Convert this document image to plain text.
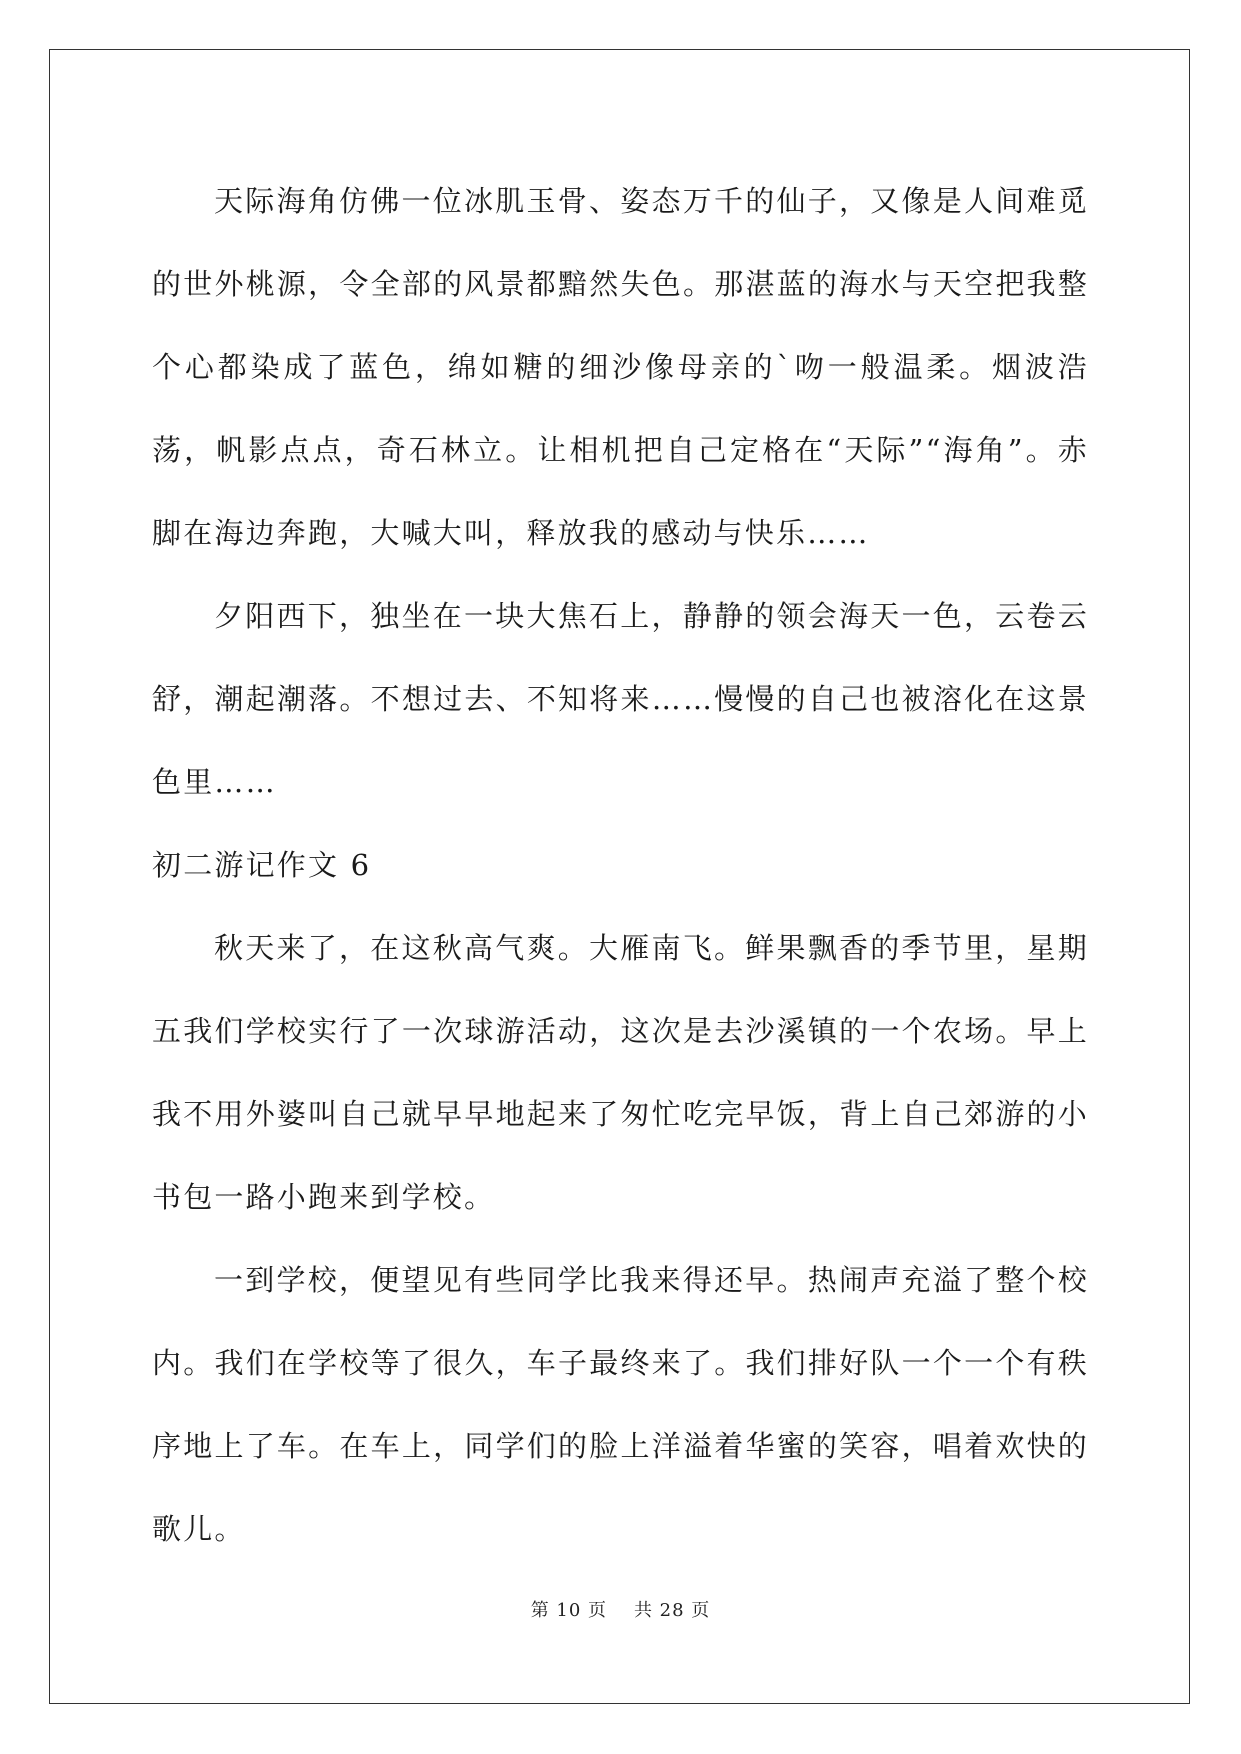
天际海角仿佛一位冰肌玉骨、姿态万千的仙子，又像是人间难觅的世外桃源，令全部的风景都黯然失色。那湛蓝的海水与天空把我整个心都染成了蓝色，绵如糖的细沙像母亲的`吻一般温柔。烟波浩荡，帆影点点，奇石林立。让相机把自己定格在“天际”“海角”。赤脚在海边奔跑，大喊大叫，释放我的感动与快乐……

夕阳西下，独坐在一块大焦石上，静静的领会海天一色，云卷云舒，潮起潮落。不想过去、不知将来……慢慢的自己也被溶化在这景色里……

初二游记作文 6

秋天来了，在这秋高气爽。大雁南飞。鲜果飘香的季节里，星期五我们学校实行了一次球游活动，这次是去沙溪镇的一个农场。早上我不用外婆叫自己就早早地起来了匆忙吃完早饭，背上自己郊游的小书包一路小跑来到学校。

一到学校，便望见有些同学比我来得还早。热闹声充溢了整个校内。我们在学校等了很久，车子最终来了。我们排好队一个一个有秩序地上了车。在车上，同学们的脸上洋溢着华蜜的笑容，唱着欢快的歌儿。

第 10 页 共 28 页
